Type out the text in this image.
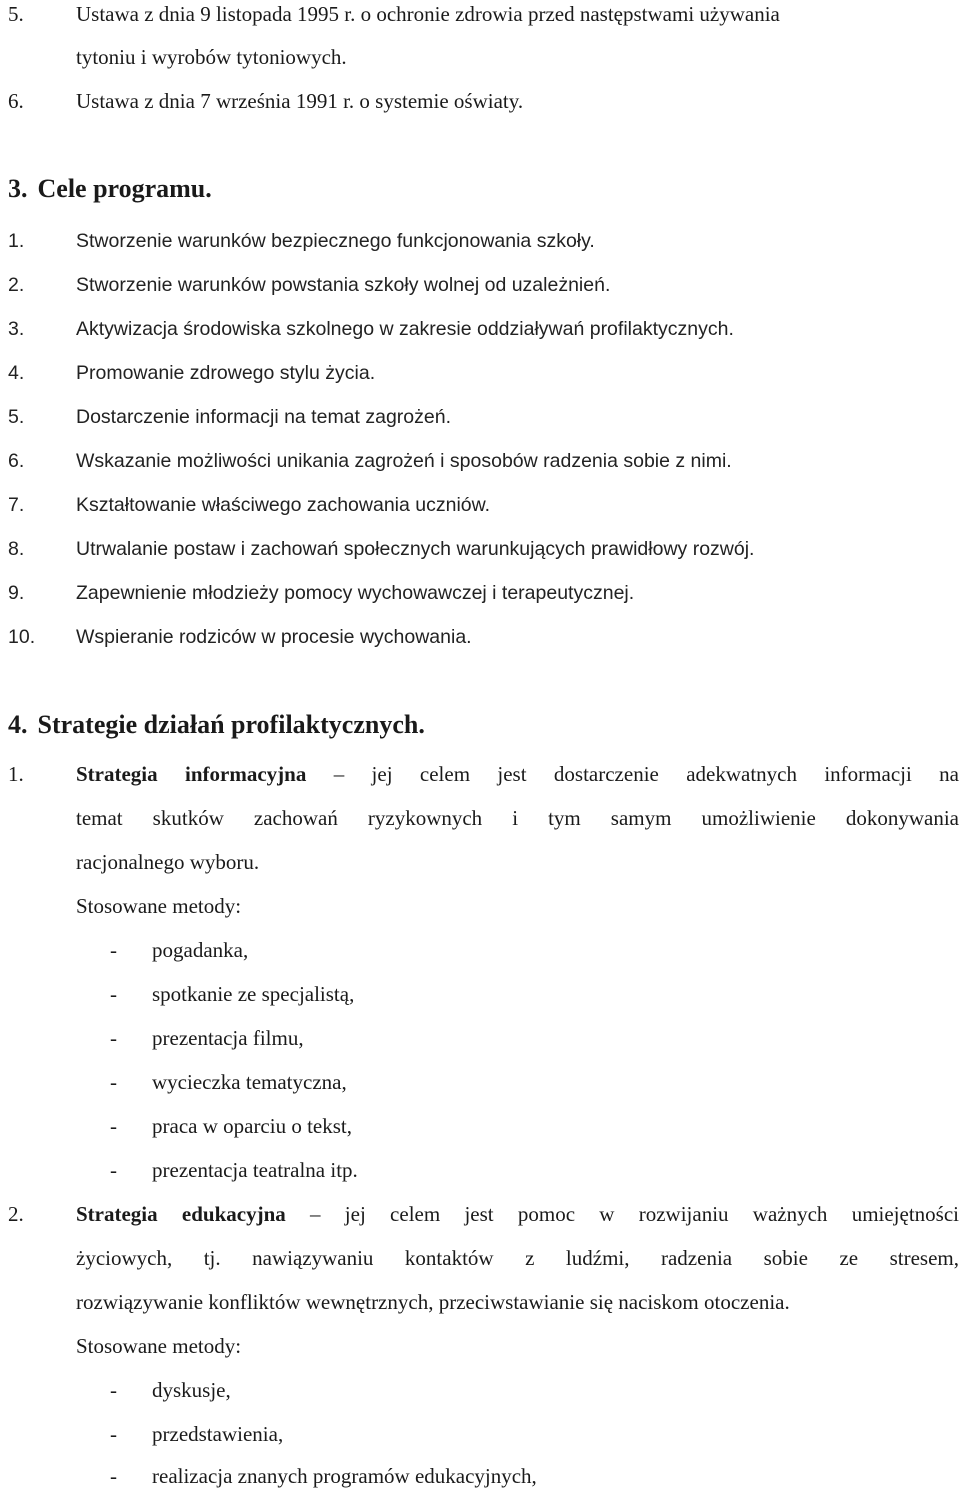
5. Ustawa z dnia 9 listopada 1995 r. o ochronie zdrowia przed następstwami używania
tytoniu i wyrobów tytoniowych.
6. Ustawa z dnia 7 września 1991 r. o systemie oświaty.
3. Cele programu.
1.	Stworzenie warunków bezpiecznego funkcjonowania szkoły.
2.	Stworzenie warunków powstania szkoły wolnej od uzależnień.
3.	Aktywizacja środowiska szkolnego w zakresie oddziaływań profilaktycznych.
4.	Promowanie zdrowego stylu życia.
5.	Dostarczenie informacji na temat zagrożeń.
6.	Wskazanie możliwości unikania zagrożeń i sposobów radzenia sobie z nimi.
7.	Kształtowanie właściwego zachowania uczniów.
8.	Utrwalanie postaw i zachowań społecznych warunkujących prawidłowy rozwój.
9.	Zapewnienie młodzieży pomocy wychowawczej i terapeutycznej.
10. Wspieranie rodziców w procesie wychowania.
4. Strategie działań profilaktycznych.
1. Strategia informacyjna – jej celem jest dostarczenie adekwatnych informacji na
temat skutków zachowań ryzykownych i tym samym umożliwienie dokonywania
racjonalnego wyboru.
Stosowane metody:
- pogadanka,
- spotkanie ze specjalistą,
- prezentacja filmu,
- wycieczka tematyczna,
- praca w oparciu o tekst,
- prezentacja teatralna itp.
2. Strategia edukacyjna – jej celem jest pomoc w rozwijaniu ważnych umiejętności
życiowych, tj. nawiązywaniu kontaktów z ludźmi, radzenia sobie ze stresem,
rozwiązywanie konfliktów wewnętrznych, przeciwstawianie się naciskom otoczenia.
Stosowane metody:
- dyskusje,
- przedstawienia,
- realizacja znanych programów edukacyjnych,
